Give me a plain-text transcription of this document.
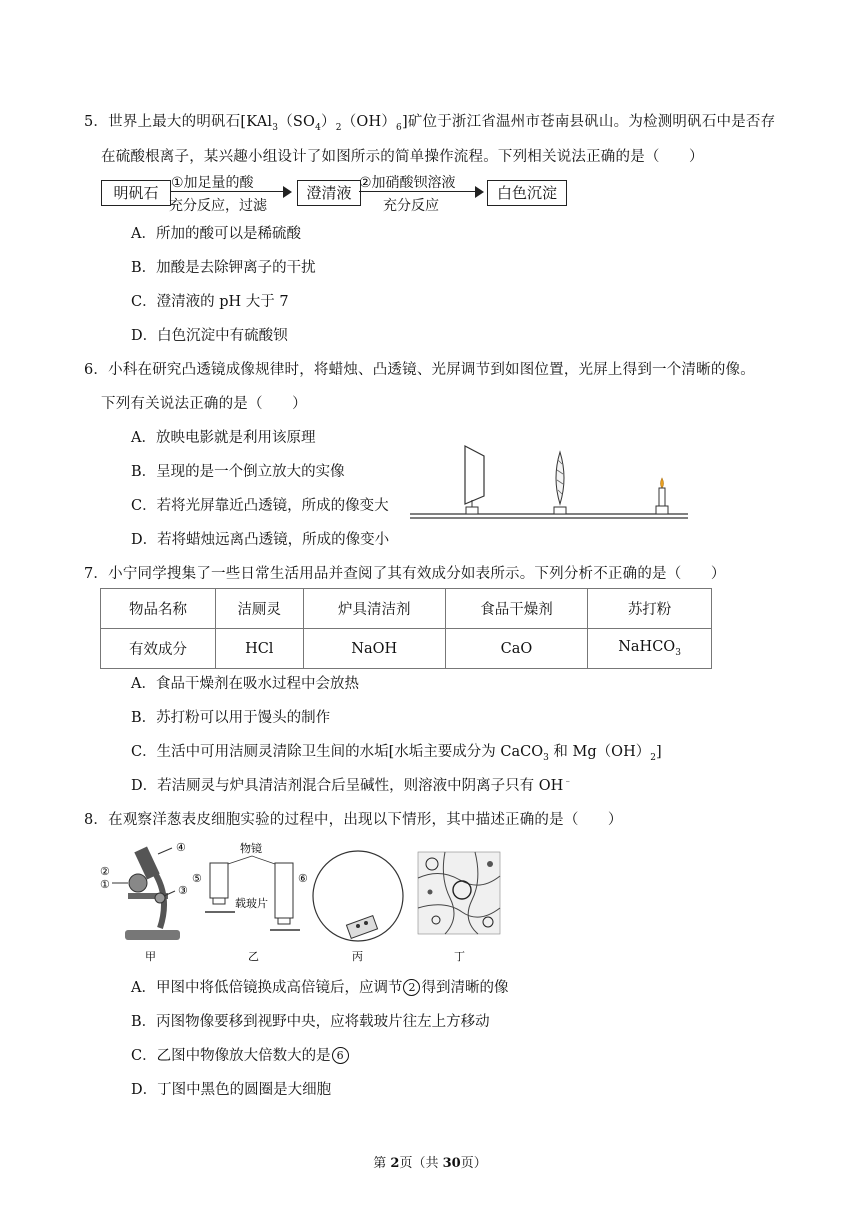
5．世界上最大的明矾石$[KAl_3(SO_4)_2(OH)_6]$矿位于浙江省温州市苍南县矾山。为检测明矾石中是否存
在硫酸根离子，某兴趣小组设计了如图所示的简单操作流程。下列相关说法正确的是（　　）
明矾石
①加足量的酸
充分反应，过滤
澄清液
②加硝酸钡溶液
充分反应
白色沉淀
A．所加的酸可以是稀硫酸
B．加酸是去除钾离子的干扰
C．澄清液的 pH 大于 7
D．白色沉淀中有硫酸钡
6．小科在研究凸透镜成像规律时，将蜡烛、凸透镜、光屏调节到如图位置，光屏上得到一个清晰的像。
下列有关说法正确的是（　　）
A．放映电影就是利用该原理
B．呈现的是一个倒立放大的实像
C．若将光屏靠近凸透镜，所成的像变大
D．若将蜡烛远离凸透镜，所成的像变小
7．小宁同学搜集了一些日常生活用品并查阅了其有效成分如表所示。下列分析不正确的是（　　）
物品名称	洁厕灵	炉具清洁剂	食品干燥剂	苏打粉
有效成分	HCl	NaOH	CaO	NaHCO$_3$
A．食品干燥剂在吸水过程中会放热
B．苏打粉可以用于馒头的制作
C．生活中可用洁厕灵清除卫生间的水垢[水垢主要成分为 CaCO$_3$ 和 $Mg(OH)_2$]
D．若洁厕灵与炉具清洁剂混合后呈碱性，则溶液中阴离子只有 OH﹣
8．在观察洋葱表皮细胞实验的过程中，出现以下情形，其中描述正确的是（　　）
②
①
④
③
甲
物镜
载玻片
⑤	⑥
乙	丙	丁
A．甲图中将低倍镜换成高倍镜后，应调节 2 得到清晰的像
B．丙图物像要移到视野中央，应将载玻片往左上方移动
C．乙图中物像放大倍数大的是 6
D．丁图中黑色的圆圈是大细胞
第 2页（共 30页）
